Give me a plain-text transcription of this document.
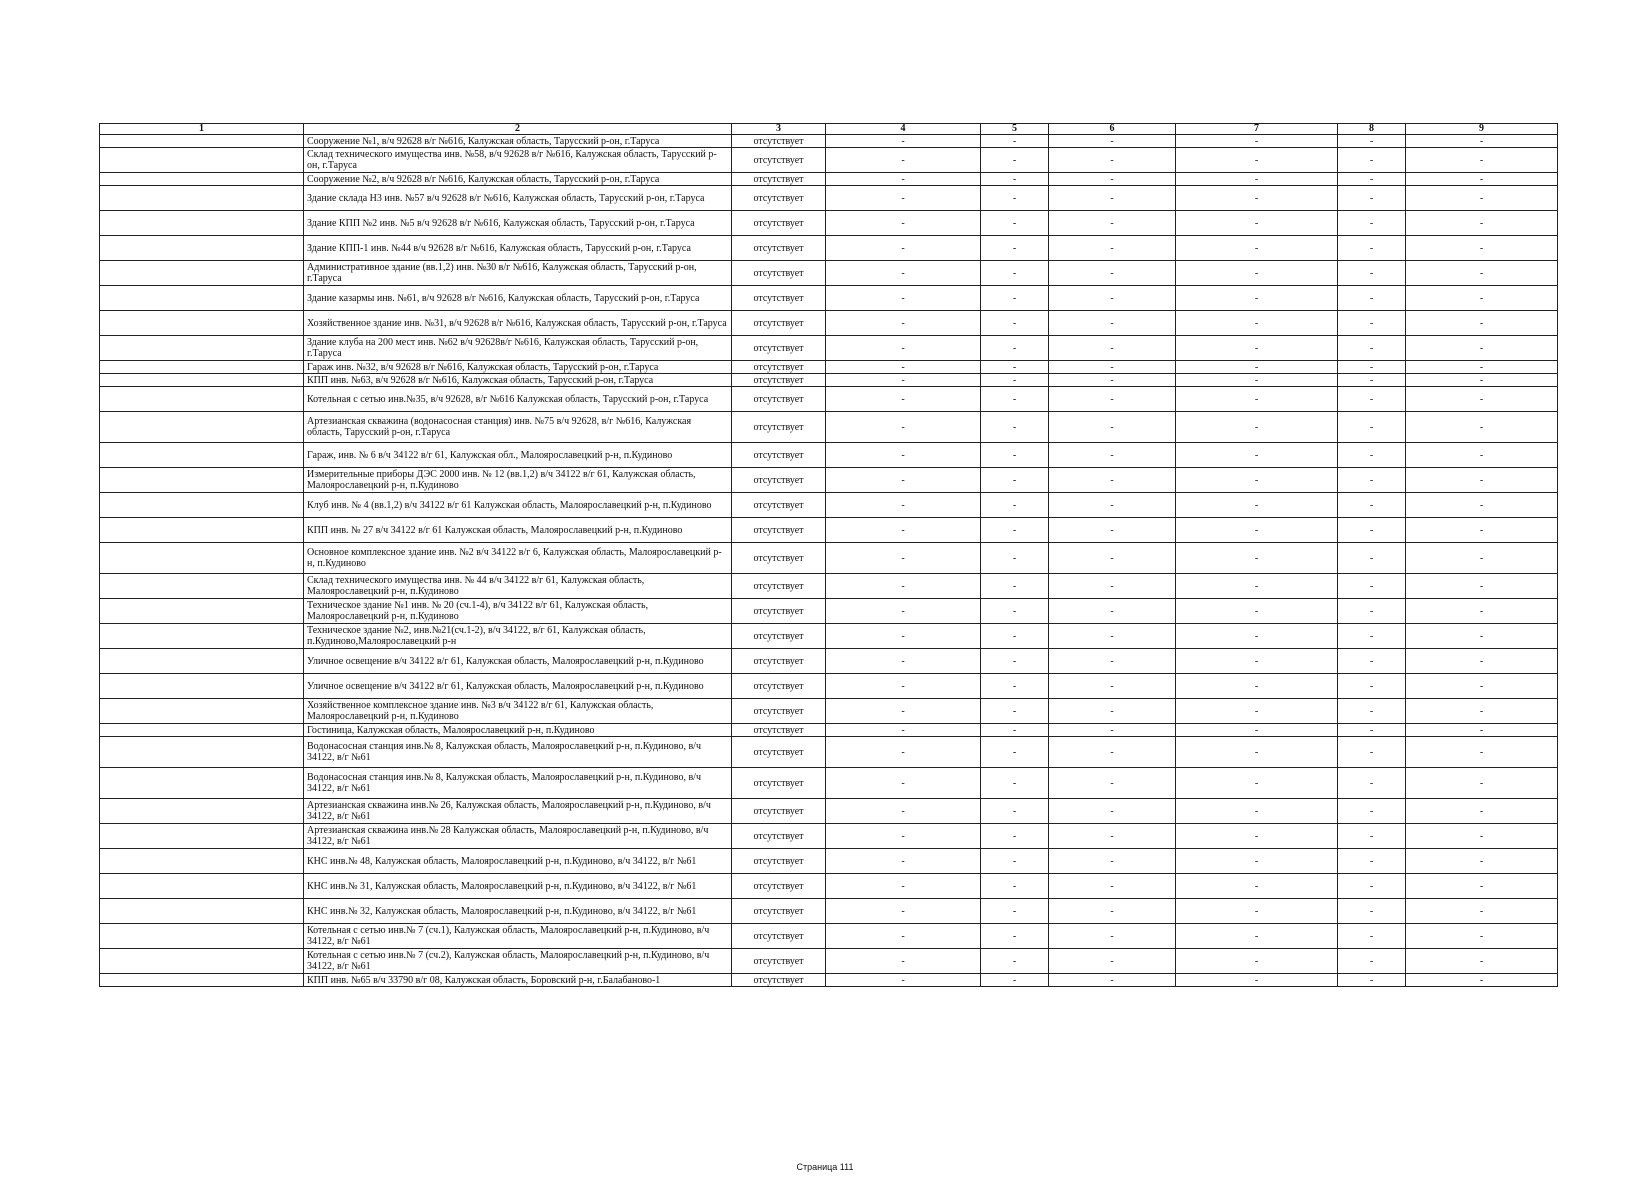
1	2	3	4	5	6	7	8	9
	Сооружение №1, в/ч 92628 в/г №616, Калужская область, Тарусский р-он, г.Таруса	отсутствует	-	-	-	-	-	-
	Склад технического имущества инв. №58, в/ч 92628 в/г №616, Калужская область, Тарусский р-он, г.Таруса	отсутствует	-	-	-	-	-	-
	Сооружение №2, в/ч 92628 в/г №616, Калужская область, Тарусский р-он, г.Таруса	отсутствует	-	-	-	-	-	-
	Здание склада Н3 инв. №57 в/ч 92628 в/г №616, Калужская область, Тарусский р-он, г.Таруса	отсутствует	-	-	-	-	-	-
	Здание КПП №2 инв. №5 в/ч 92628 в/г №616, Калужская область, Тарусский р-он, г.Таруса	отсутствует	-	-	-	-	-	-
	Здание КПП-1 инв. №44 в/ч 92628 в/г №616, Калужская область, Тарусский р-он, г.Таруса	отсутствует	-	-	-	-	-	-
	Административное здание (вв.1,2) инв. №30 в/г №616, Калужская область, Тарусский р-он, г.Таруса	отсутствует	-	-	-	-	-	-
	Здание казармы инв. №61, в/ч 92628 в/г №616, Калужская область, Тарусский р-он, г.Таруса	отсутствует	-	-	-	-	-	-
	Хозяйственное здание инв. №31, в/ч 92628 в/г №616, Калужская область, Тарусский р-он, г.Таруса	отсутствует	-	-	-	-	-	-
	Здание клуба на 200 мест инв. №62 в/ч 92628в/г №616, Калужская область, Тарусский р-он, г.Таруса	отсутствует	-	-	-	-	-	-
	Гараж инв. №32, в/ч 92628 в/г №616, Калужская область, Тарусский р-он, г.Таруса	отсутствует	-	-	-	-	-	-
	КПП инв. №63, в/ч 92628 в/г №616, Калужская область, Тарусский р-он, г.Таруса	отсутствует	-	-	-	-	-	-
	Котельная с сетью инв.№35, в/ч 92628, в/г №616 Калужская область, Тарусский р-он, г.Таруса	отсутствует	-	-	-	-	-	-
	Артезианская скважина (водонасосная станция) инв. №75 в/ч 92628, в/г №616, Калужская область, Тарусский р-он, г.Таруса	отсутствует	-	-	-	-	-	-
	Гараж, инв. № 6 в/ч 34122 в/г 61, Калужская обл., Малоярославецкий р-н, п.Кудиново	отсутствует	-	-	-	-	-	-
	Измерительные приборы ДЭС 2000 инв. № 12 (вв.1,2) в/ч 34122 в/г 61, Калужская область, Малоярославецкий р-н, п.Кудиново	отсутствует	-	-	-	-	-	-
	Клуб инв. № 4 (вв.1,2) в/ч 34122 в/г 61 Калужская область, Малоярославецкий р-н, п.Кудиново	отсутствует	-	-	-	-	-	-
	КПП инв. № 27 в/ч 34122 в/г 61 Калужская область, Малоярославецкий р-н, п.Кудиново	отсутствует	-	-	-	-	-	-
	Основное комплексное здание инв. №2 в/ч 34122 в/г 6, Калужская область, Малоярославецкий р-н, п.Кудиново	отсутствует	-	-	-	-	-	-
	Склад технического имущества инв. № 44 в/ч 34122 в/г 61, Калужская область, Малоярославецкий р-н, п.Кудиново	отсутствует	-	-	-	-	-	-
	Техническое здание №1 инв. № 20 (сч.1-4), в/ч 34122 в/г 61, Калужская область, Малоярославецкий р-н, п.Кудиново	отсутствует	-	-	-	-	-	-
	Техническое здание №2, инв.№21(сч.1-2), в/ч 34122, в/г 61, Калужская область, п.Кудиново,Малоярославецкий р-н	отсутствует	-	-	-	-	-	-
	Уличное освещение в/ч 34122 в/г 61, Калужская область, Малоярославецкий р-н, п.Кудиново	отсутствует	-	-	-	-	-	-
	Уличное освещение в/ч 34122 в/г 61, Калужская область, Малоярославецкий р-н, п.Кудиново	отсутствует	-	-	-	-	-	-
	Хозяйственное комплексное здание инв. №3 в/ч 34122 в/г 61, Калужская область, Малоярославецкий р-н, п.Кудиново	отсутствует	-	-	-	-	-	-
	Гостиница, Калужская область, Малоярославецкий р-н, п.Кудиново	отсутствует	-	-	-	-	-	-
	Водонасосная станция инв.№ 8, Калужская область, Малоярославецкий р-н, п.Кудиново, в/ч 34122, в/г №61	отсутствует	-	-	-	-	-	-
	Водонасосная станция инв.№ 8, Калужская область, Малоярославецкий р-н, п.Кудиново, в/ч 34122, в/г №61	отсутствует	-	-	-	-	-	-
	Артезианская скважина инв.№ 26, Калужская область, Малоярославецкий р-н, п.Кудиново, в/ч 34122, в/г №61	отсутствует	-	-	-	-	-	-
	Артезианская скважина инв.№ 28 Калужская область, Малоярославецкий р-н, п.Кудиново, в/ч 34122, в/г №61	отсутствует	-	-	-	-	-	-
	КНС инв.№ 48, Калужская область, Малоярославецкий р-н, п.Кудиново, в/ч 34122, в/г №61	отсутствует	-	-	-	-	-	-
	КНС инв.№ 31, Калужская область, Малоярославецкий р-н, п.Кудиново, в/ч 34122, в/г №61	отсутствует	-	-	-	-	-	-
	КНС инв.№ 32, Калужская область, Малоярославецкий р-н, п.Кудиново, в/ч 34122, в/г №61	отсутствует	-	-	-	-	-	-
	Котельная с сетью инв.№ 7 (сч.1), Калужская область, Малоярославецкий р-н, п.Кудиново, в/ч 34122, в/г №61	отсутствует	-	-	-	-	-	-
	Котельная с сетью инв.№ 7 (сч.2), Калужская область, Малоярославецкий р-н, п.Кудиново, в/ч 34122, в/г №61	отсутствует	-	-	-	-	-	-
	КПП инв. №65 в/ч 33790 в/г 08, Калужская область, Боровский р-н, г.Балабаново-1	отсутствует	-	-	-	-	-	-
Страница 111
